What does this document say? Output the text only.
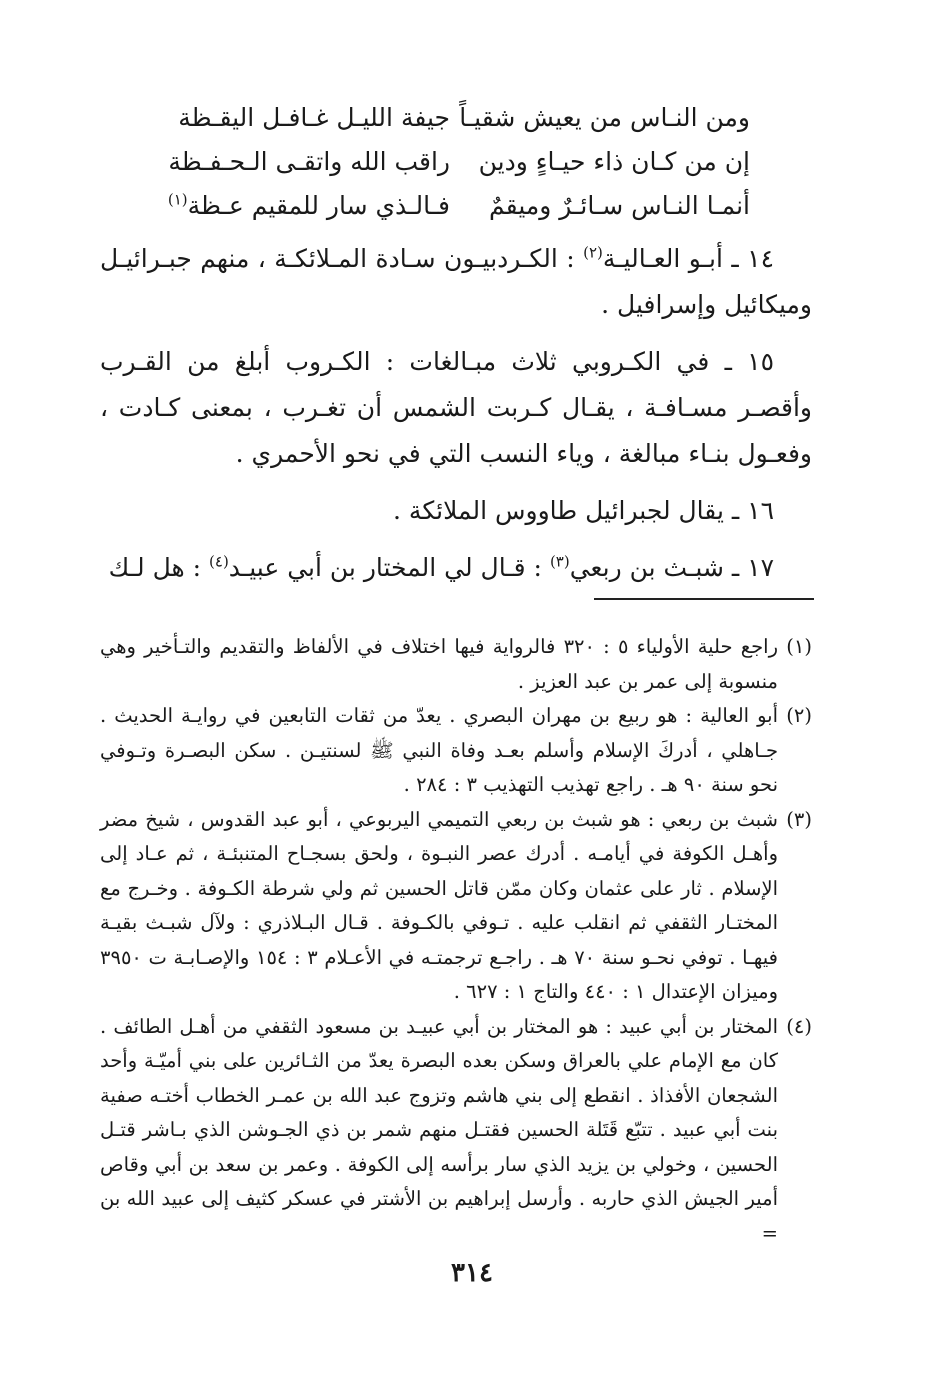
ومن النـاس من يعيش شقيـاً
جيفة الليـل غـافـل اليقـظة
إن من كـان ذاء حيـاءٍ ودين
راقب الله واتقـى الـحـفـظة
أنمـا النـاس سـائـرٌ وميقمٌ
فـالـذي سار للمقيم عـظة$^{(١)}$

١٤ ـ أبـو العـاليـة$^{(٢)}$ : الكـردبيـون سـادة المـلائكـة ، منهم جبـرائيـل وميكائيل وإسرافيل .

١٥ ـ في الكـروبي ثلاث مبـالغات : الكـروب أبلغ من القـرب وأقصـر مسـافـة ، يقـال كـربت الشمس أن تغـرب ، بمعنى كـادت ، وفعـول بنـاء مبالغة ، وياء النسب التي في نحو الأحمري .

١٦ ـ يقال لجبرائيل طاووس الملائكة .

١٧ ـ شبـث بن ربعي$^{(٣)}$ : قـال لي المختار بن أبي عبيـد$^{(٤)}$ : هل لـك

(١)
راجع حلية الأولياء ٥ : ٣٢٠ فالرواية فيها اختلاف في الألفاظ والتقديم والتـأخير وهي منسوبة إلى عمر بن عبد العزيز .
(٢)
أبو العالية : هو ربيع بن مهران البصري . يعدّ من ثقات التابعين في روايـة الحديث . جـاهلي ، أدركَ الإسلام وأسلم بعـد وفاة النبي ﷺ لسنتيـن . سكن البصـرة وتـوفي نحو سنة ٩٠ هـ . راجع تهذيب التهذيب ٣ : ٢٨٤ .
(٣)
شبث بن ربعي : هو شبث بن ربعي التميمي اليربوعي ، أبو عبد القدوس ، شيخ مضر وأهـل الكوفة في أيامـه . أدرك عصر النبـوة ، ولحق بسجـاح المتنبئـة ، ثم عـاد إلى الإسلام . ثار على عثمان وكان ممّن قاتل الحسين ثم ولي شرطة الكـوفة . وخـرج مع المختـار الثقفي ثم انقلب عليه . تـوفي بالكـوفة . قـال البـلاذري : ولآل شبـث بقيـة فيهـا . توفي نحـو سنة ٧٠ هـ . راجـع ترجمتـه في الأعـلام ٣ : ١٥٤ والإصـابـة ت ٣٩٥٠ وميزان الإعتدال ١ : ٤٤٠ والتاج ١ : ٦٢٧ .
(٤)
المختار بن أبي عبيد : هو المختار بن أبي عبيـد بن مسعود الثقفي من أهـل الطائف . كان مع الإمام علي بالعراق وسكن بعده البصرة يعدّ من الثـائرين على بني أميّـة وأحد الشجعان الأفذاذ . انقطع إلى بني هاشم وتزوج عبد الله بن عمـر الخطاب أختـه صفية بنت أبي عبيد . تتبّع قَتَلة الحسين فقتـل منهم شمر بن ذي الجـوشن الذي بـاشر قتـل الحسين ، وخولي بن يزيد الذي سار برأسه إلى الكوفة . وعمر بن سعد بن أبي وقاص أمير الجيش الذي حاربه . وأرسل إبراهيم بن الأشتر في عسكر كثيف إلى عبيد الله بن =
٣١٤
